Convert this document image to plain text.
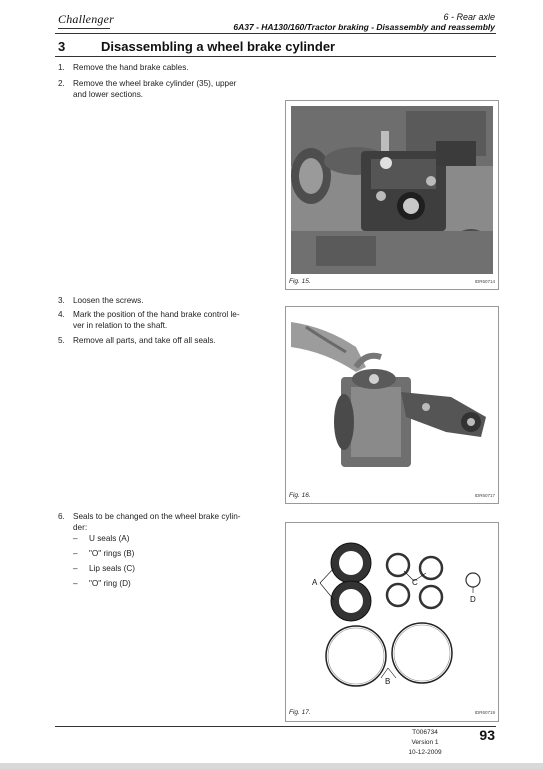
Challenger	6 - Rear axle
6A37 - HA130/160/Tractor braking - Disassembly and reassembly
3	Disassembling a wheel brake cylinder
1. Remove the hand brake cables.
2. Remove the wheel brake cylinder (35), upper
and lower sections.
3. Loosen the screws.
4. Mark the position of the hand brake control le-
ver in relation to the shaft.
5. Remove all parts, and take off all seals.
6. Seals to be changed on the wheel brake cylin-
der:
– U seals (A)
– "O" rings (B)
– Lip seals (C)
– "O" ring (D)
Fig. 15.	IDR60714
Fig. 16.	IDR60717
A	C
D
B
Fig. 17.	IDR60719
T006734
Version 1
10-12-2009
93
